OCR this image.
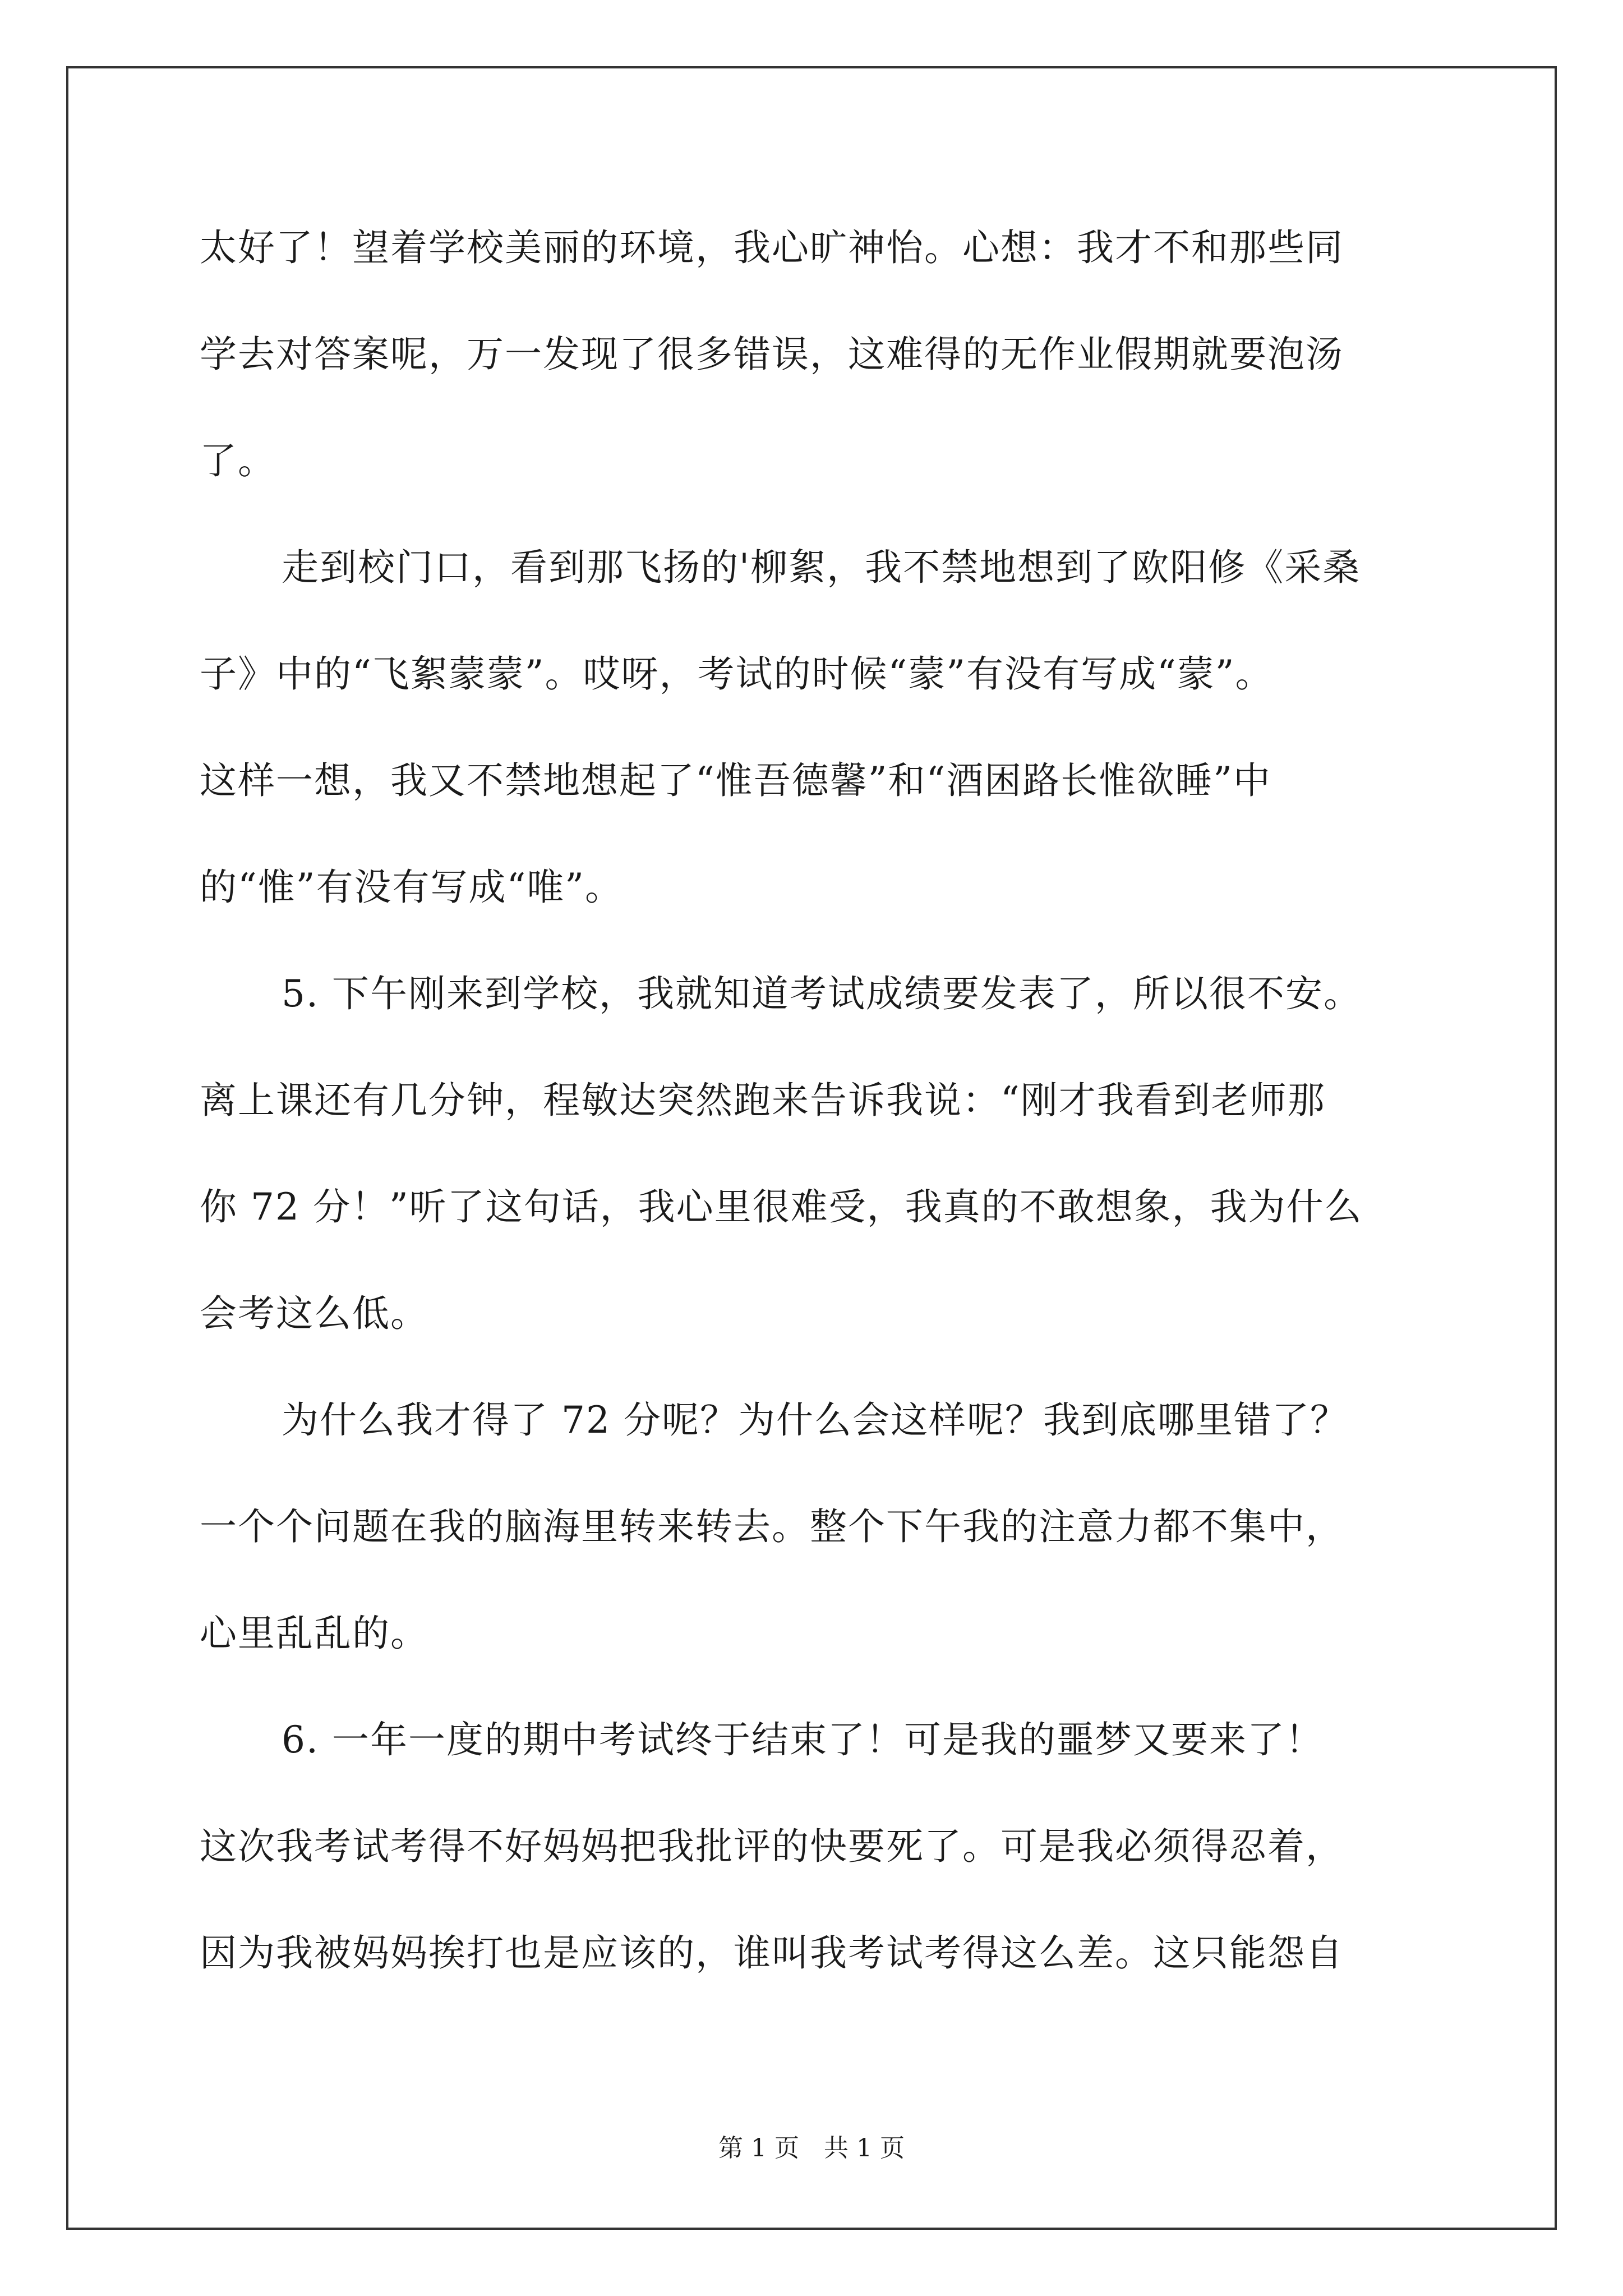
太好了！望着学校美丽的环境，我心旷神怡。心想：我才不和那些同
学去对答案呢，万一发现了很多错误，这难得的无作业假期就要泡汤
了。
走到校门口，看到那飞扬的'柳絮，我不禁地想到了欧阳修《采桑
子》中的“飞絮蒙蒙”。哎呀，考试的时候“蒙”有没有写成“蒙”。
这样一想，我又不禁地想起了“惟吾德馨”和“酒困路长惟欲睡”中
的“惟”有没有写成“唯”。
5. 下午刚来到学校，我就知道考试成绩要发表了，所以很不安。
离上课还有几分钟，程敏达突然跑来告诉我说：“刚才我看到老师那
你 72 分！”听了这句话，我心里很难受，我真的不敢想象，我为什么
会考这么低。
为什么我才得了 72 分呢？为什么会这样呢？我到底哪里错了？
一个个问题在我的脑海里转来转去。整个下午我的注意力都不集中，
心里乱乱的。
6. 一年一度的期中考试终于结束了！可是我的噩梦又要来了！
这次我考试考得不好妈妈把我批评的快要死了。可是我必须得忍着，
因为我被妈妈挨打也是应该的，谁叫我考试考得这么差。这只能怨自
第 1 页　共 1 页
